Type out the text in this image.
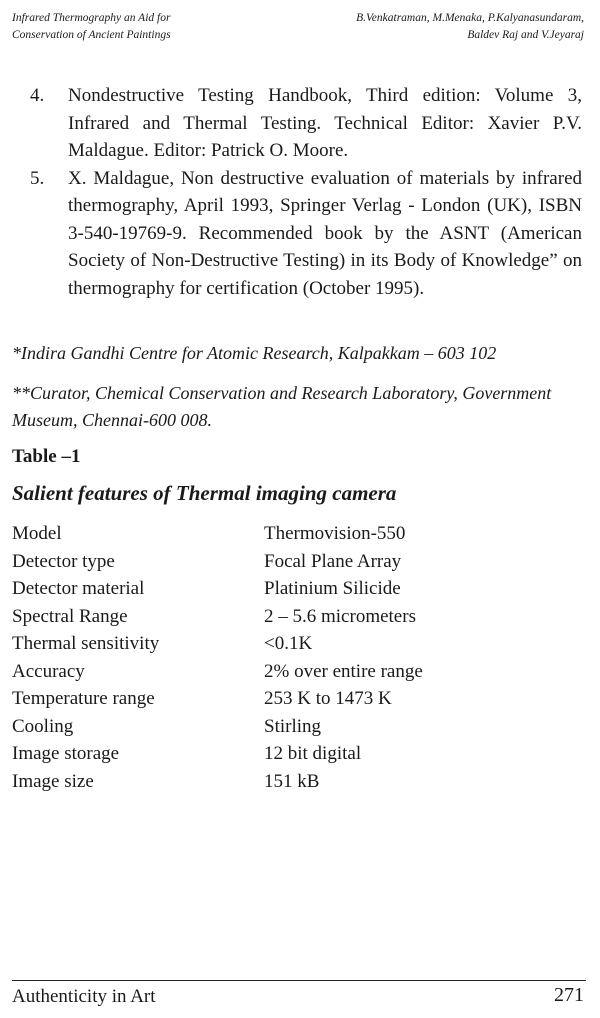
Infrared Thermography an Aid for
Conservation of Ancient Paintings
B.Venkatraman, M.Menaka, P.Kalyanasundaram,
Baldev Raj and V.Jeyaraj
4. Nondestructive Testing Handbook, Third edition: Volume 3, Infrared and Thermal Testing. Technical Editor: Xavier P.V. Maldague. Editor: Patrick O. Moore.
5. X. Maldague, Non destructive evaluation of materials by infrared thermography, April 1993, Springer Verlag - London (UK), ISBN 3-540-19769-9. Recommended book by the ASNT (American Society of Non-Destructive Testing) in its Body of Knowledge” on thermography for certification (October 1995).
*Indira Gandhi Centre for Atomic Research, Kalpakkam – 603 102
**Curator, Chemical Conservation and Research Laboratory, Government Museum, Chennai-600 008.
Table –1
Salient features of Thermal imaging camera
Model	Thermovision-550
Detector type	Focal Plane Array
Detector material	Platinium Silicide
Spectral Range	2 – 5.6 micrometers
Thermal sensitivity	<0.1K
Accuracy	2% over entire range
Temperature range	253 K to 1473 K
Cooling	Stirling
Image storage	12 bit digital
Image size	151 kB
Authenticity in Art	271
